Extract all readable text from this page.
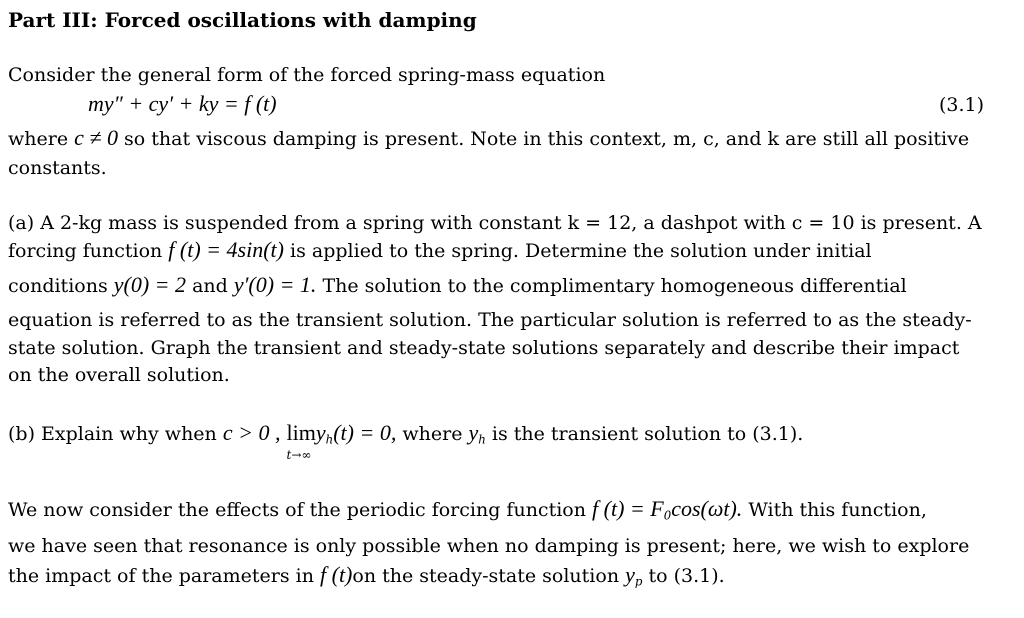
Part III: Forced oscillations with damping
Consider the general form of the forced spring-mass equation
my″ + cy′ + ky = f (t)	(3.1)
where c ≠ 0 so that viscous damping is present. Note in this context, m, c, and k are still all positive
constants.
(a) A 2-kg mass is suspended from a spring with constant k = 12, a dashpot with c = 10 is present. A
forcing function f (t) = 4sin(t) is applied to the spring. Determine the solution under initial
conditions y(0) = 2 and y′(0) = 1. The solution to the complimentary homogeneous differential
equation is referred to as the transient solution. The particular solution is referred to as the steady-
state solution. Graph the transient and steady-state solutions separately and describe their impact
on the overall solution.
(b) Explain why when c > 0 , lim
t→∞
$y_h(t) = 0$, where $y_h$ is the transient solution to (3.1).
We now consider the effects of the periodic forcing function f $(t) = F_0\cos(\omega t)$. With this function,
we have seen that resonance is only possible when no damping is present; here, we wish to explore
the impact of the parameters in f (t)on the steady-state solution $y_p$ to (3.1).
